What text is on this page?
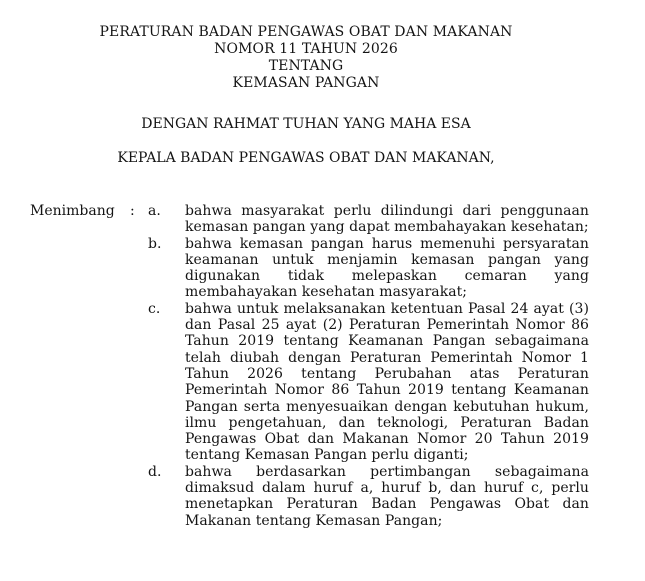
PERATURAN BADAN PENGAWAS OBAT DAN MAKANAN
NOMOR 11 TAHUN 2026
TENTANG
KEMASAN PANGAN
DENGAN RAHMAT TUHAN YANG MAHA ESA
KEPALA BADAN PENGAWAS OBAT DAN MAKANAN,
Menimbang : a.	bahwa masyarakat perlu dilindungi dari penggunaan kemasan pangan yang dapat membahayakan kesehatan;
b.	bahwa kemasan pangan harus memenuhi persyaratan keamanan untuk menjamin kemasan pangan yang digunakan tidak melepaskan cemaran yang membahayakan kesehatan masyarakat;
c.	bahwa untuk melaksanakan ketentuan Pasal 24 ayat (3) dan Pasal 25 ayat (2) Peraturan Pemerintah Nomor 86 Tahun 2019 tentang Keamanan Pangan sebagaimana telah diubah dengan Peraturan Pemerintah Nomor 1 Tahun 2026 tentang Perubahan atas Peraturan Pemerintah Nomor 86 Tahun 2019 tentang Keamanan Pangan serta menyesuaikan dengan kebutuhan hukum, ilmu pengetahuan, dan teknologi, Peraturan Badan Pengawas Obat dan Makanan Nomor 20 Tahun 2019 tentang Kemasan Pangan perlu diganti;
d.	bahwa berdasarkan pertimbangan sebagaimana dimaksud dalam huruf a, huruf b, dan huruf c, perlu menetapkan Peraturan Badan Pengawas Obat dan Makanan tentang Kemasan Pangan;
